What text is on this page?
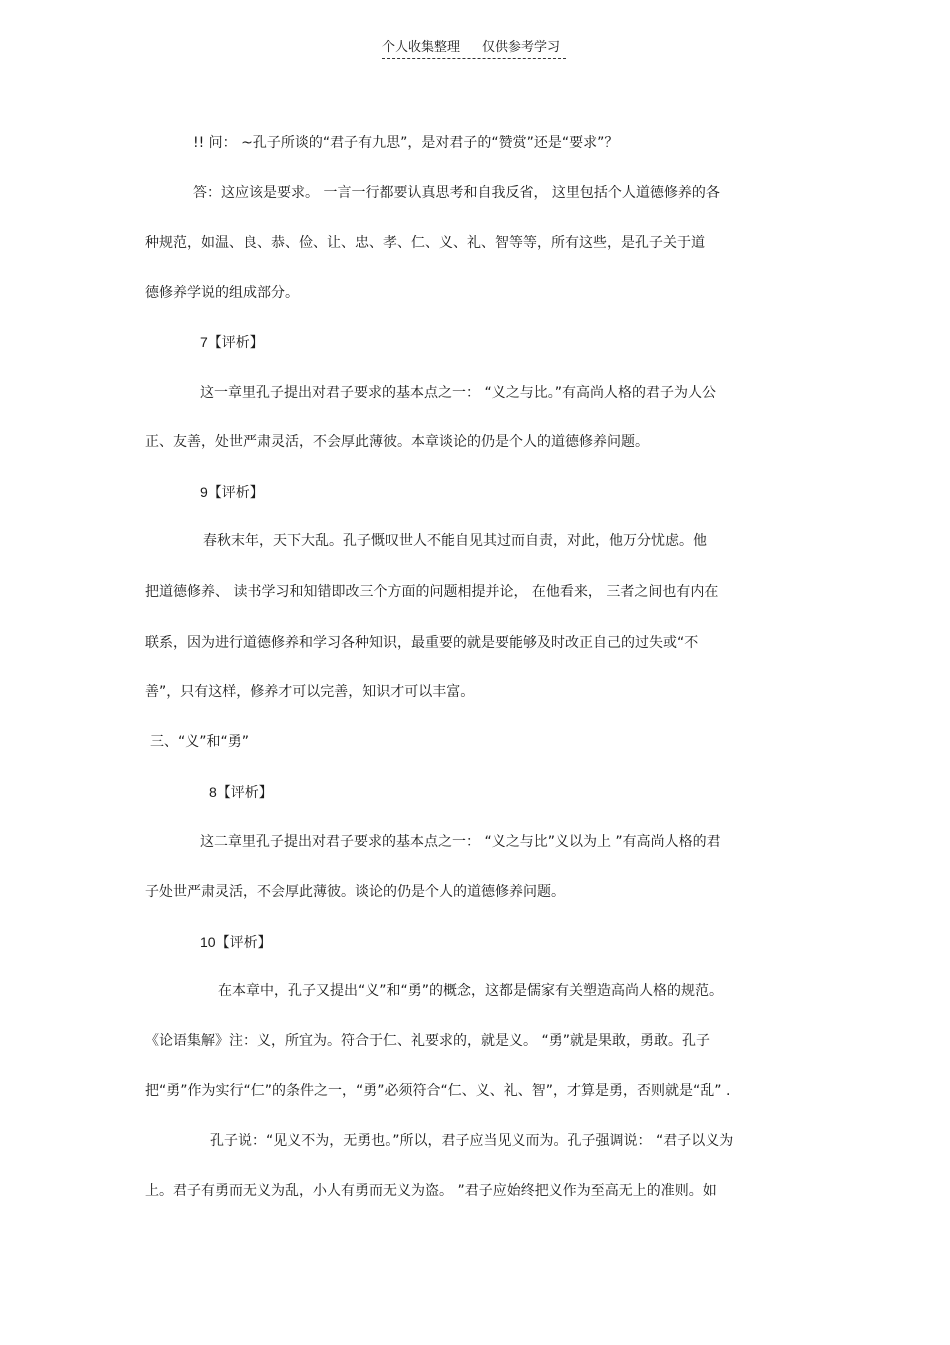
个人收集整理 仅供参考学习
!! 问： ~孔子所谈的“君子有九思”，是对君子的“赞赏”还是“要求”？
答：这应该是要求。 一言一行都要认真思考和自我反省， 这里包括个人道德修养的各
种规范，如温、良、恭、俭、让、忠、孝、仁、义、礼、智等等，所有这些，是孔子关于道
德修养学说的组成部分。
7【评析】
这一章里孔子提出对君子要求的基本点之一： “义之与比。”有高尚人格的君子为人公
正、友善，处世严肃灵活，不会厚此薄彼。本章谈论的仍是个人的道德修养问题。
9【评析】
春秋末年，天下大乱。孔子慨叹世人不能自见其过而自责，对此，他万分忧虑。他
把道德修养、 读书学习和知错即改三个方面的问题相提并论， 在他看来， 三者之间也有内在
联系，因为进行道德修养和学习各种知识，最重要的就是要能够及时改正自己的过失或“不
善”，只有这样，修养才可以完善，知识才可以丰富。
三、“义”和“勇”
8【评析】
这二章里孔子提出对君子要求的基本点之一： “义之与比”义以为上 ”有高尚人格的君
子处世严肃灵活，不会厚此薄彼。谈论的仍是个人的道德修养问题。
10【评析】
在本章中，孔子又提出“义”和“勇”的概念，这都是儒家有关塑造高尚人格的规范。
《论语集解》注：义，所宜为。符合于仁、礼要求的，就是义。 “勇”就是果敢，勇敢。孔子
把“勇”作为实行“仁”的条件之一，“勇”必须符合“仁、义、礼、智”，才算是勇，否则就是“乱” .
孔子说：“见义不为，无勇也。”所以，君子应当见义而为。孔子强调说： “君子以义为
上。君子有勇而无义为乱，小人有勇而无义为盗。 ”君子应始终把义作为至高无上的准则。如
